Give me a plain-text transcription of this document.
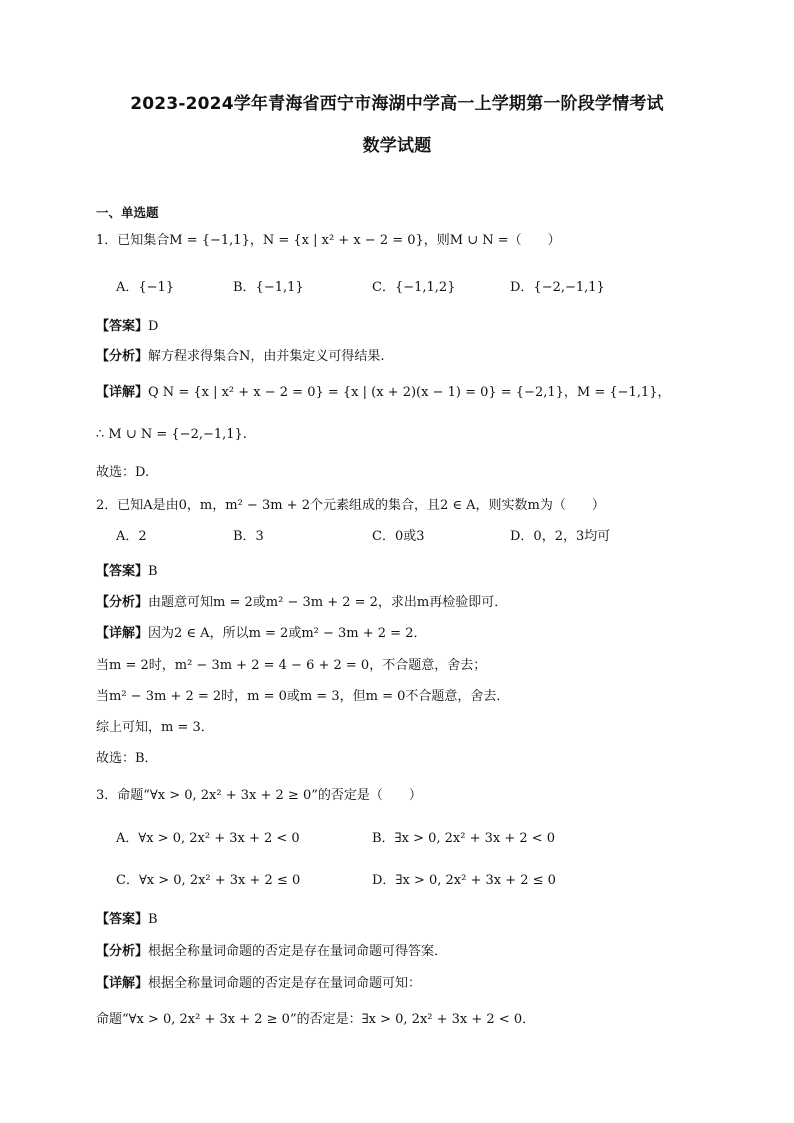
2023-2024学年青海省西宁市海湖中学高一上学期第一阶段学情考试
数学试题
一、单选题
1．已知集合M = {−1,1}，N = {x | x² + x − 2 = 0}，则M ∪ N =（　　）
A．{−1}	B．{−1,1}	C．{−1,1,2}	D．{−2,−1,1}
【答案】D
【分析】解方程求得集合N，由并集定义可得结果.
【详解】Q N = {x | x² + x − 2 = 0} = {x | (x + 2)(x − 1) = 0} = {−2,1}，M = {−1,1}，
∴ M ∪ N = {−2,−1,1}.
故选：D.
2．已知A是由0，m，m² − 3m + 2个元素组成的集合，且2 ∈ A，则实数m为（　　）
A．2	B．3	C．0或3	D．0，2，3均可
【答案】B
【分析】由题意可知m = 2或m² − 3m + 2 = 2，求出m再检验即可．
【详解】因为2 ∈ A，所以m = 2或m² − 3m + 2 = 2．
当m = 2时，m² − 3m + 2 = 4 − 6 + 2 = 0，不合题意，舍去；
当m² − 3m + 2 = 2时，m = 0或m = 3，但m = 0不合题意，舍去．
综上可知，m = 3．
故选：B．
3．命题“∀x > 0, 2x² + 3x + 2 ≥ 0”的否定是（　　）
A．∀x > 0, 2x² + 3x + 2 < 0	B．∃x > 0, 2x² + 3x + 2 < 0
C．∀x > 0, 2x² + 3x + 2 ≤ 0	D．∃x > 0, 2x² + 3x + 2 ≤ 0
【答案】B
【分析】根据全称量词命题的否定是存在量词命题可得答案．
【详解】根据全称量词命题的否定是存在量词命题可知：
命题“∀x > 0, 2x² + 3x + 2 ≥ 0”的否定是：∃x > 0, 2x² + 3x + 2 < 0．
